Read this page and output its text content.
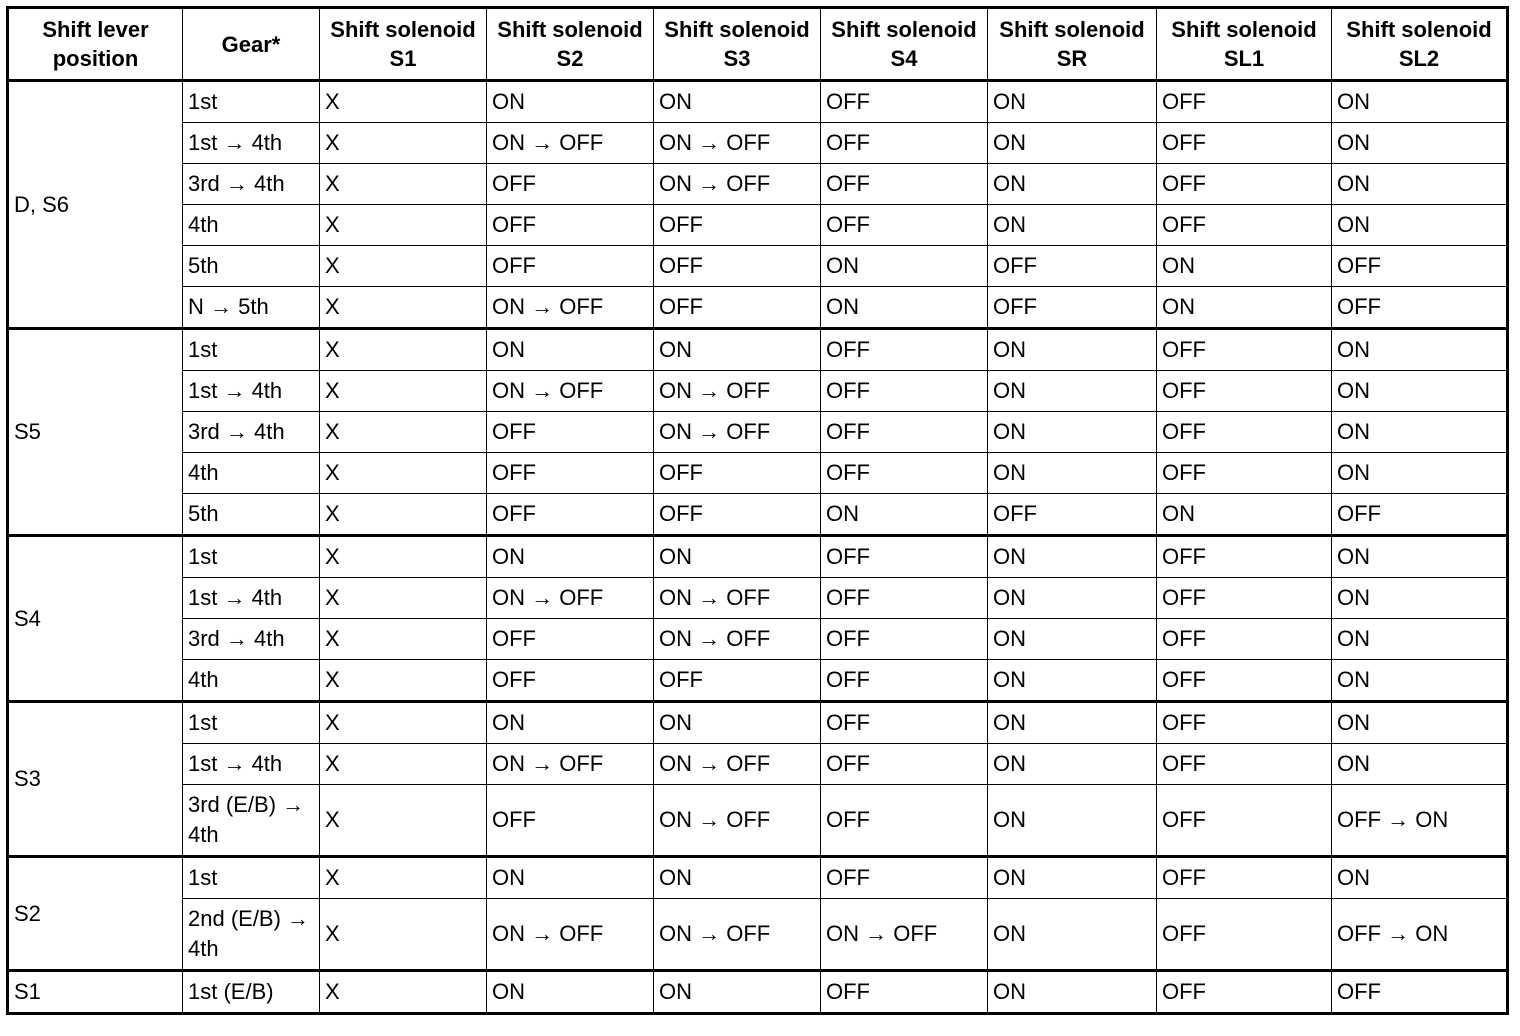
Shift lever position	Gear*	Shift solenoid S1	Shift solenoid S2	Shift solenoid S3	Shift solenoid S4	Shift solenoid SR	Shift solenoid SL1	Shift solenoid SL2
D, S6	1st	X	ON	ON	OFF	ON	OFF	ON
	1st → 4th	X	ON → OFF	ON → OFF	OFF	ON	OFF	ON
	3rd → 4th	X	OFF	ON → OFF	OFF	ON	OFF	ON
	4th	X	OFF	OFF	OFF	ON	OFF	ON
	5th	X	OFF	OFF	ON	OFF	ON	OFF
	N → 5th	X	ON → OFF	OFF	ON	OFF	ON	OFF
S5	1st	X	ON	ON	OFF	ON	OFF	ON
	1st → 4th	X	ON → OFF	ON → OFF	OFF	ON	OFF	ON
	3rd → 4th	X	OFF	ON → OFF	OFF	ON	OFF	ON
	4th	X	OFF	OFF	OFF	ON	OFF	ON
	5th	X	OFF	OFF	ON	OFF	ON	OFF
S4	1st	X	ON	ON	OFF	ON	OFF	ON
	1st → 4th	X	ON → OFF	ON → OFF	OFF	ON	OFF	ON
	3rd → 4th	X	OFF	ON → OFF	OFF	ON	OFF	ON
	4th	X	OFF	OFF	OFF	ON	OFF	ON
S3	1st	X	ON	ON	OFF	ON	OFF	ON
	1st → 4th	X	ON → OFF	ON → OFF	OFF	ON	OFF	ON
	3rd (E/B) → 4th	X	OFF	ON → OFF	OFF	ON	OFF	OFF → ON
S2	1st	X	ON	ON	OFF	ON	OFF	ON
	2nd (E/B) → 4th	X	ON → OFF	ON → OFF	ON → OFF	ON	OFF	OFF → ON
S1	1st (E/B)	X	ON	ON	OFF	ON	OFF	OFF
